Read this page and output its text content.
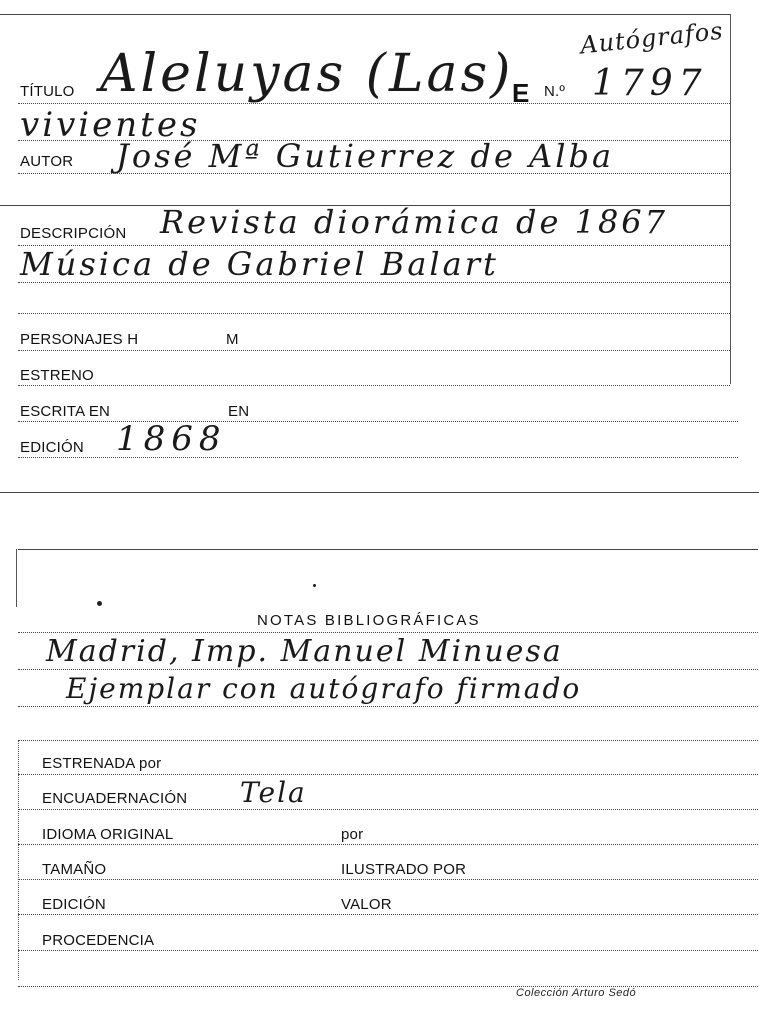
Autógrafos
TÍTULO Aleluyas (Las)
E N.º 1797
vivientes
AUTOR José Mª Gutierrez de Alba
DESCRIPCIÓN Revista diorámica de 1867
Música de Gabriel Balart
PERSONAJES H	M
ESTRENO
ESCRITA EN	EN
EDICIÓN 1868
NOTAS BIBLIOGRÁFICAS
Madrid, Imp. Manuel Minuesa
Ejemplar con autógrafo firmado
ESTRENADA por
ENCUADERNACIÓN Tela
IDIOMA ORIGINAL	por
TAMAÑO	ILUSTRADO POR
EDICIÓN	VALOR
PROCEDENCIA
Colección Arturo Sedó
